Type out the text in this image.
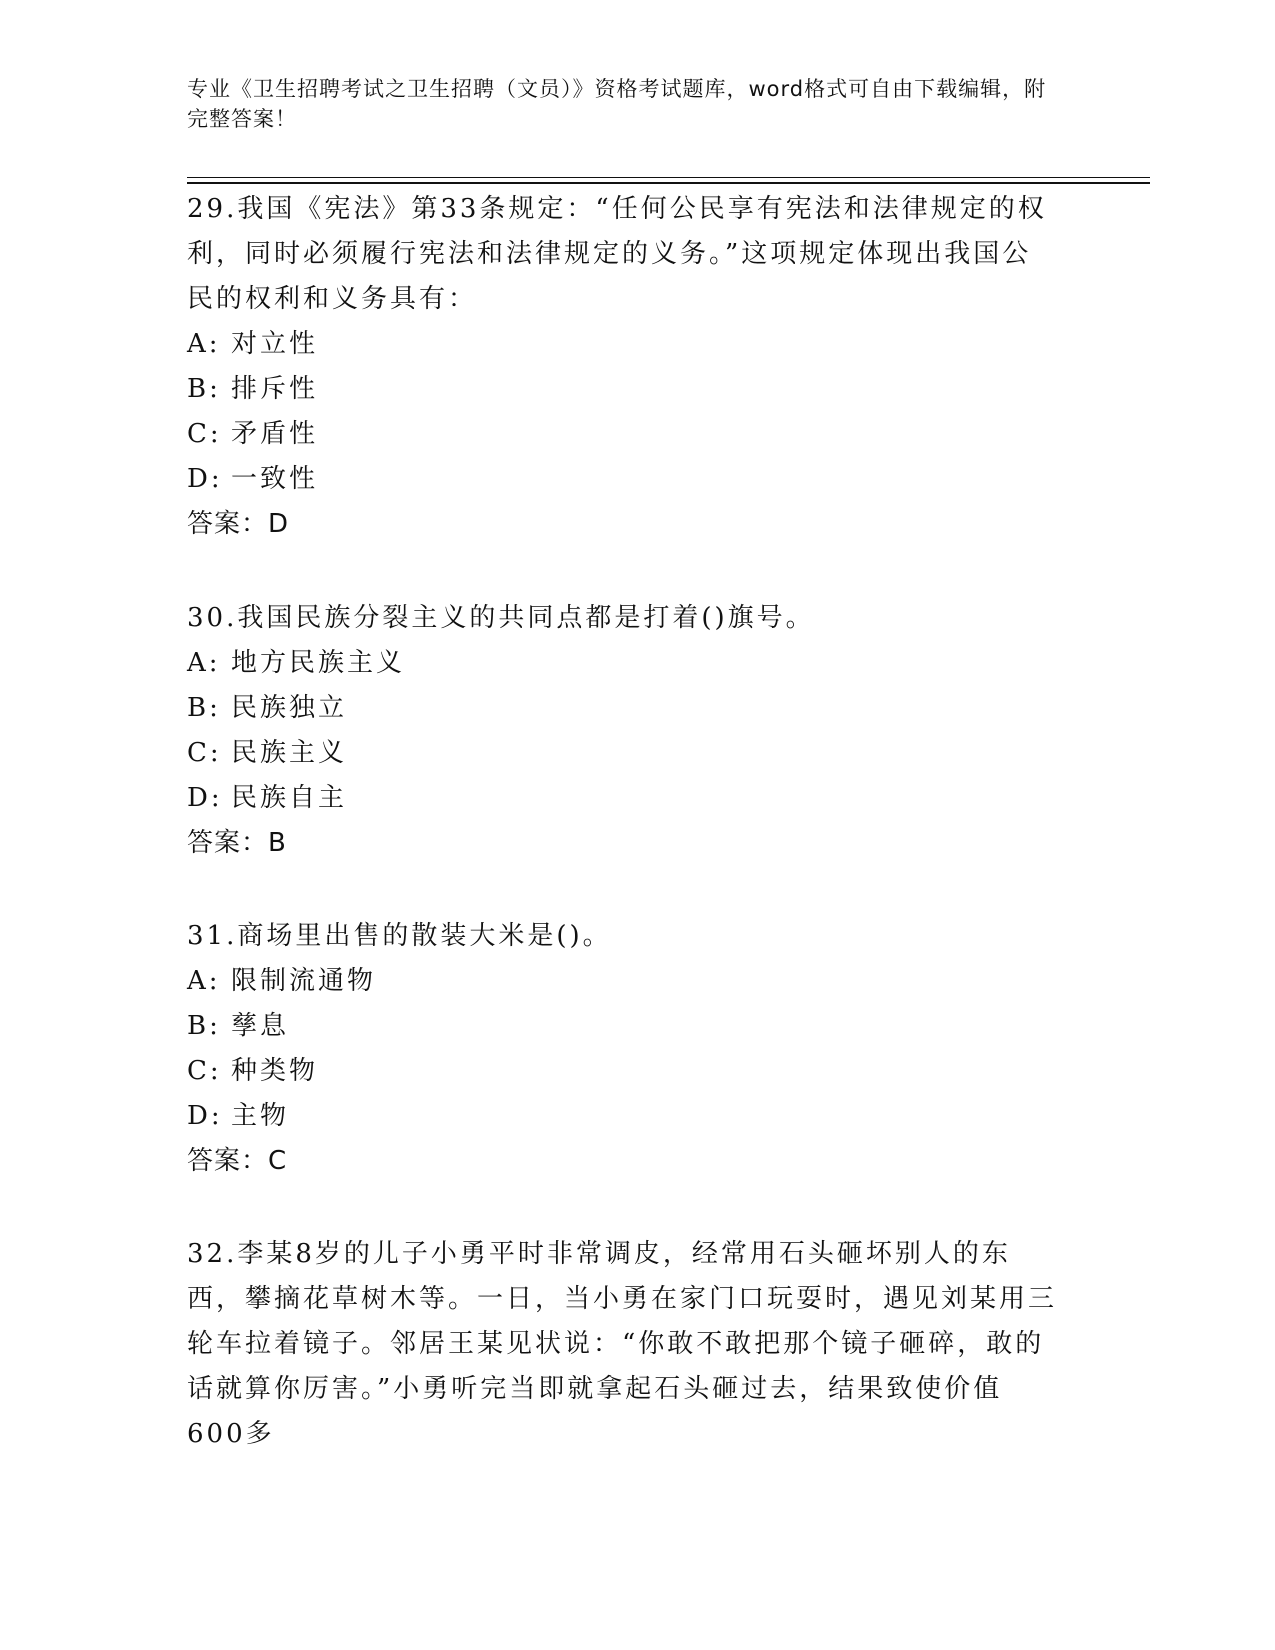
专业《卫生招聘考试之卫生招聘（文员）》资格考试题库，word格式可自由下载编辑，附完整答案！

29.我国《宪法》第33条规定：“任何公民享有宪法和法律规定的权利，同时必须履行宪法和法律规定的义务。”这项规定体现出我国公民的权利和义务具有：

A: 对立性
B: 排斥性
C: 矛盾性
D: 一致性
答案：D

30.我国民族分裂主义的共同点都是打着()旗号。

A: 地方民族主义
B: 民族独立
C: 民族主义
D: 民族自主
答案：B

31.商场里出售的散装大米是()。

A: 限制流通物
B: 孳息
C: 种类物
D: 主物
答案：C

32.李某8岁的儿子小勇平时非常调皮，经常用石头砸坏别人的东西，攀摘花草树木等。一日，当小勇在家门口玩耍时，遇见刘某用三轮车拉着镜子。邻居王某见状说：“你敢不敢把那个镜子砸碎，敢的话就算你厉害。”小勇听完当即就拿起石头砸过去，结果致使价值600多
